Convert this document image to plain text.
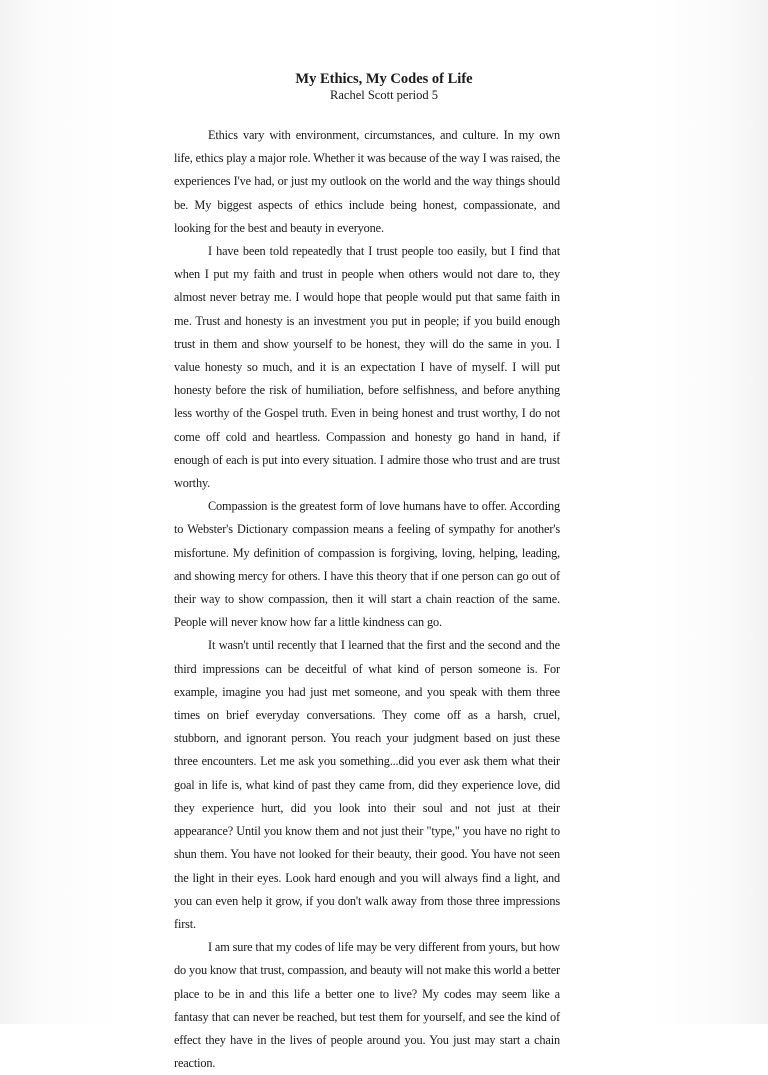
My Ethics, My Codes of Life
Rachel Scott period 5

Ethics vary with environment, circumstances, and culture. In my own life, ethics play a major role. Whether it was because of the way I was raised, the experiences I've had, or just my outlook on the world and the way things should be. My biggest aspects of ethics include being honest, compassionate, and looking for the best and beauty in everyone.

I have been told repeatedly that I trust people too easily, but I find that when I put my faith and trust in people when others would not dare to, they almost never betray me. I would hope that people would put that same faith in me. Trust and honesty is an investment you put in people; if you build enough trust in them and show yourself to be honest, they will do the same in you. I value honesty so much, and it is an expectation I have of myself. I will put honesty before the risk of humiliation, before selfishness, and before anything less worthy of the Gospel truth. Even in being honest and trust worthy, I do not come off cold and heartless. Compassion and honesty go hand in hand, if enough of each is put into every situation. I admire those who trust and are trust worthy.

Compassion is the greatest form of love humans have to offer. According to Webster's Dictionary compassion means a feeling of sympathy for another's misfortune. My definition of compassion is forgiving, loving, helping, leading, and showing mercy for others. I have this theory that if one person can go out of their way to show compassion, then it will start a chain reaction of the same. People will never know how far a little kindness can go.

It wasn't until recently that I learned that the first and the second and the third impressions can be deceitful of what kind of person someone is. For example, imagine you had just met someone, and you speak with them three times on brief everyday conversations. They come off as a harsh, cruel, stubborn, and ignorant person. You reach your judgment based on just these three encounters. Let me ask you something...did you ever ask them what their goal in life is, what kind of past they came from, did they experience love, did they experience hurt, did you look into their soul and not just at their appearance? Until you know them and not just their "type," you have no right to shun them. You have not looked for their beauty, their good. You have not seen the light in their eyes. Look hard enough and you will always find a light, and you can even help it grow, if you don't walk away from those three impressions first.

I am sure that my codes of life may be very different from yours, but how do you know that trust, compassion, and beauty will not make this world a better place to be in and this life a better one to live? My codes may seem like a fantasy that can never be reached, but test them for yourself, and see the kind of effect they have in the lives of people around you. You just may start a chain reaction.
